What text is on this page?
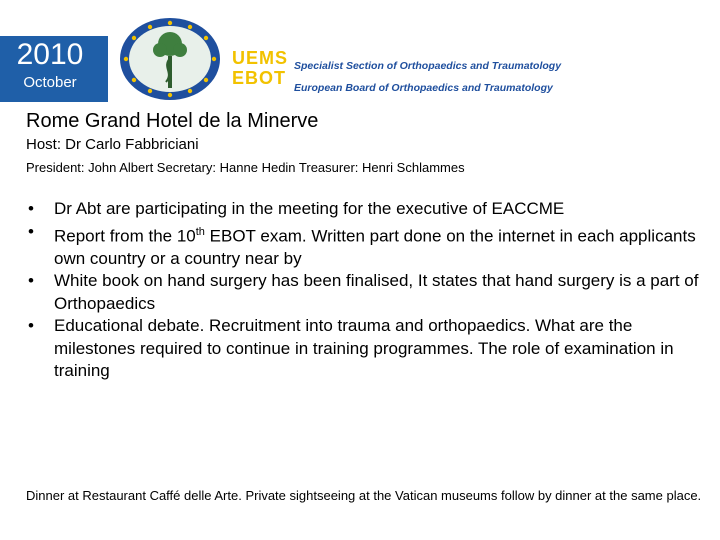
2010
October
UEMS Specialist Section of Orthopaedics and Traumatology
EBOT European Board of Orthopaedics and Traumatology
Rome Grand Hotel de la Minerve
Host: Dr Carlo Fabbriciani
President: John Albert Secretary: Hanne Hedin Treasurer: Henri Schlammes
• Dr Abt are participating in the meeting for the executive of EACCME
• Report from the 10th EBOT exam. Written part done on the internet in each applicants own country or a country near by
• White book on hand surgery has been finalised, It states that hand surgery is a part of Orthopaedics
• Educational debate. Recruitment into trauma and orthopaedics. What are the milestones required to continue in training programmes. The role of examination in training
Dinner at Restaurant Caffé delle Arte. Private sightseeing at the Vatican museums follow by dinner at the same place.
